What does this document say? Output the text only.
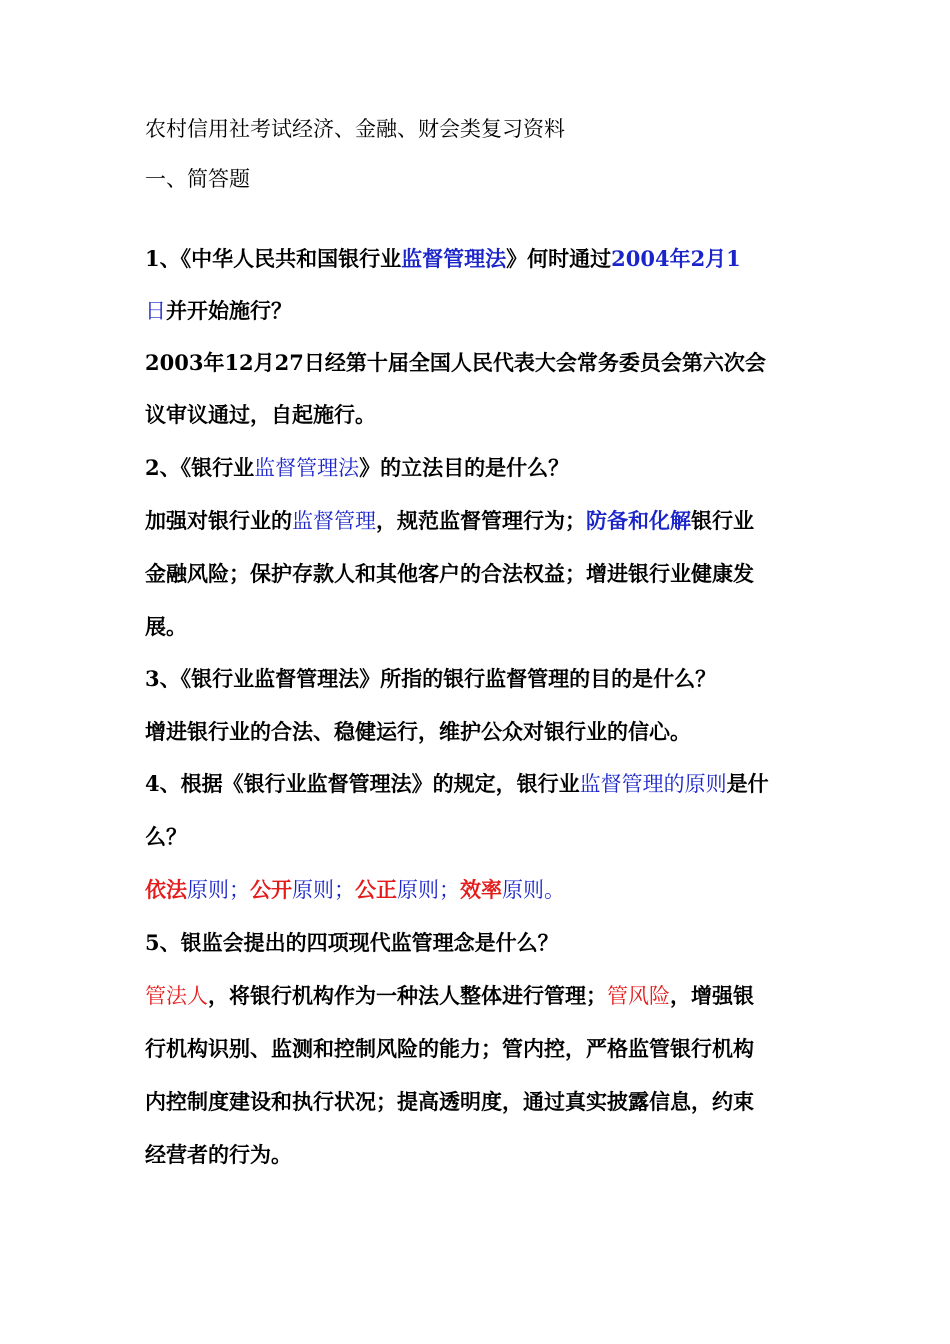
农村信用社考试经济、金融、财会类复习资料
一、简答题
1、《中华人民共和国银行业监督管理法》何时通过2004年2月1
日并开始施行？
2003年12月27日经第十届全国人民代表大会常务委员会第六次会
议审议通过，自起施行。
2、《银行业监督管理法》的立法目的是什么？
加强对银行业的监督管理，规范监督管理行为；防备和化解银行业
金融风险；保护存款人和其他客户的合法权益；增进银行业健康发
展。
3、《银行业监督管理法》所指的银行监督管理的目的是什么？
增进银行业的合法、稳健运行，维护公众对银行业的信心。
4、根据《银行业监督管理法》的规定，银行业监督管理的原则是什
么？
依法原则；公开原则；公正原则；效率原则。
5、银监会提出的四项现代监管理念是什么？
管法人，将银行机构作为一种法人整体进行管理；管风险，增强银
行机构识别、监测和控制风险的能力；管内控，严格监管银行机构
内控制度建设和执行状况；提高透明度，通过真实披露信息，约束
经营者的行为。
